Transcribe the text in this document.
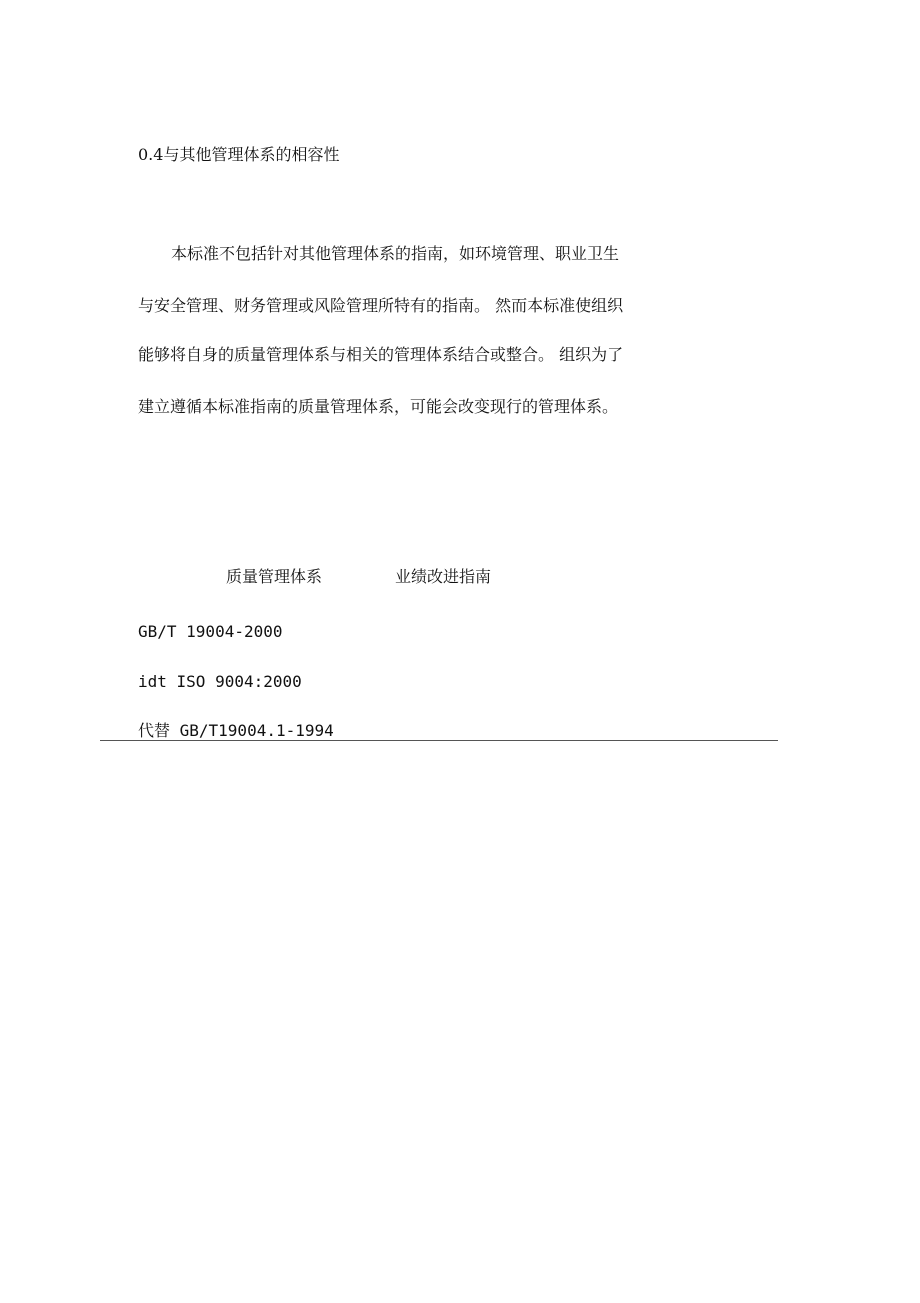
0.4与其他管理体系的相容性
本标准不包括针对其他管理体系的指南，如环境管理、职业卫生
与安全管理、财务管理或风险管理所特有的指南。 然而本标准使组织
能够将自身的质量管理体系与相关的管理体系结合或整合。 组织为了
建立遵循本标准指南的质量管理体系，可能会改变现行的管理体系。
质量管理体系	业绩改进指南
GB/T 19004-2000
idt ISO 9004:2000
代替 GB/T19004.1-1994
